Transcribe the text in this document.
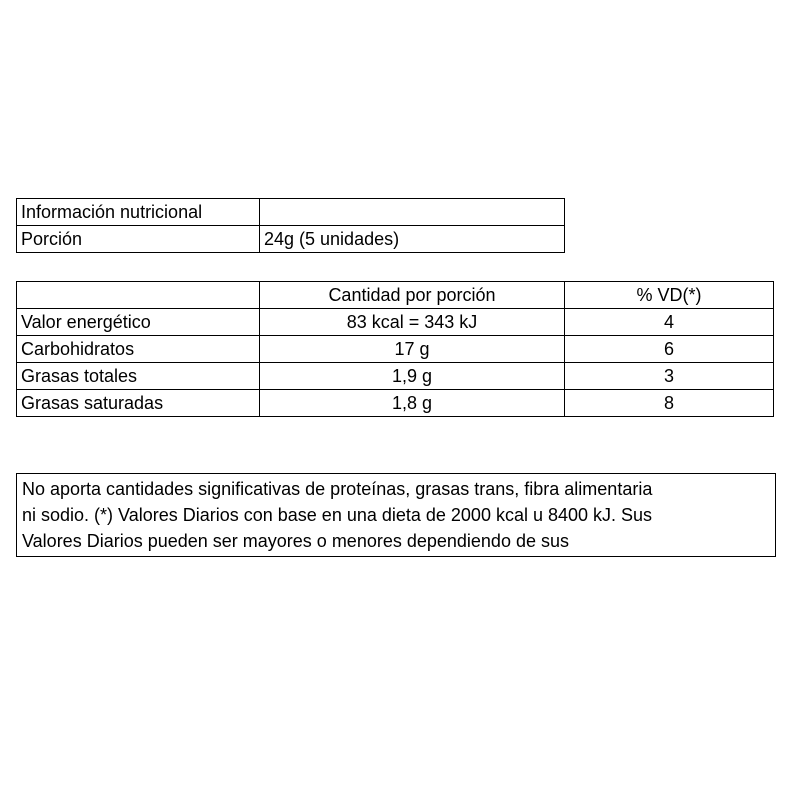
Información nutricional	
Porción	24g (5 unidades)
	Cantidad por porción	% VD(*)
Valor energético	83 kcal = 343 kJ	4
Carbohidratos	17 g	6
Grasas totales	1,9 g	3
Grasas saturadas	1,8 g	8
No aporta cantidades significativas de proteínas, grasas trans, fibra alimentaria
ni sodio. (*) Valores Diarios con base en una dieta de 2000 kcal u 8400 kJ. Sus
Valores Diarios pueden ser mayores o menores dependiendo de sus
